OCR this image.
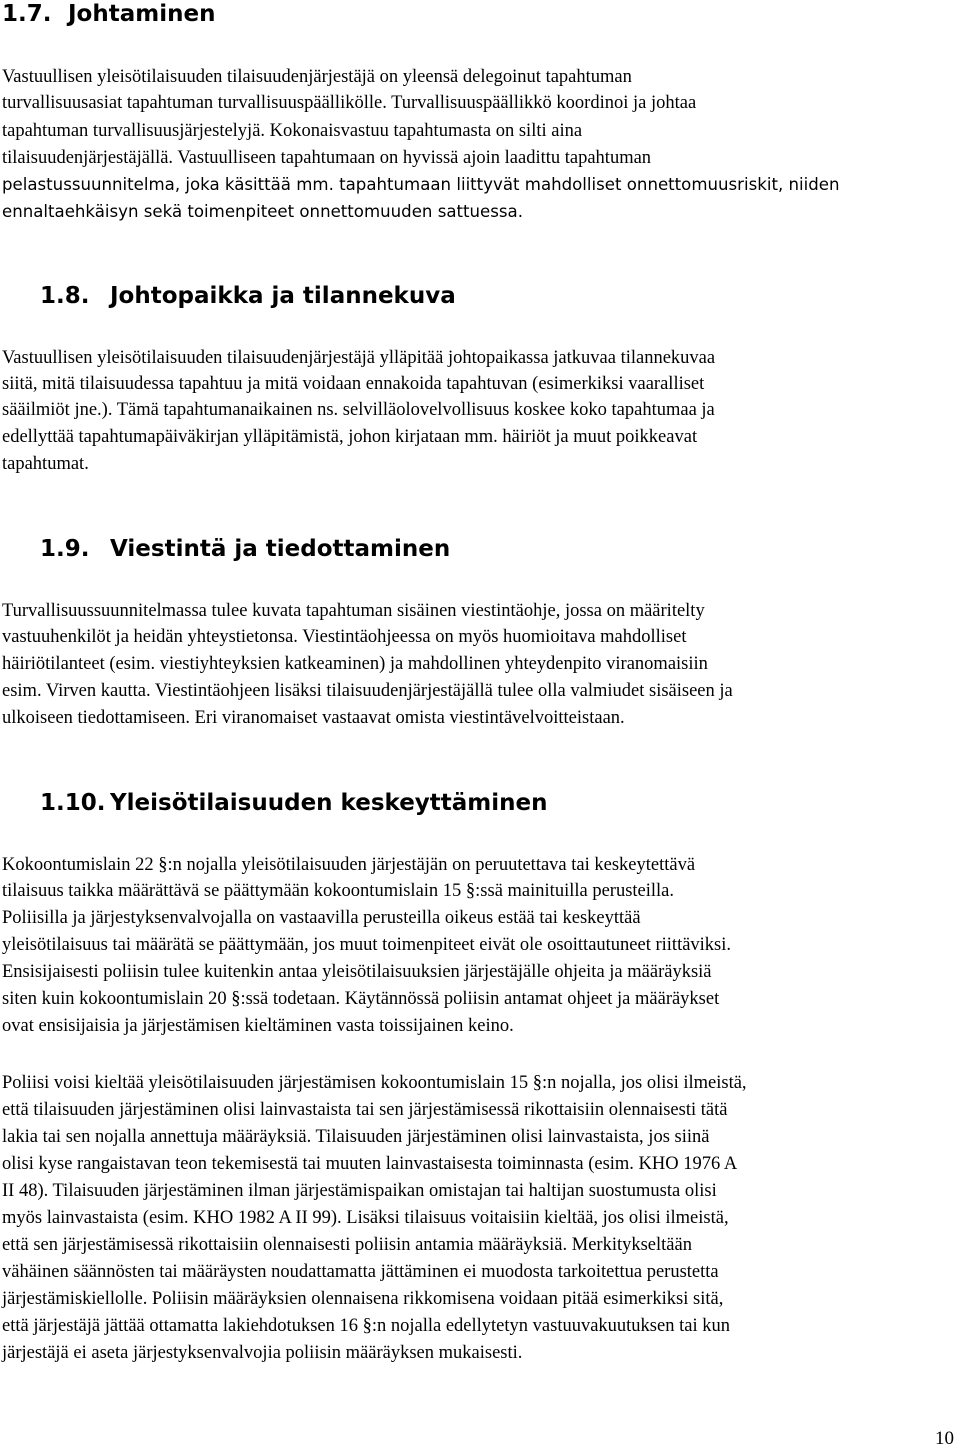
1.7. Johtaminen
Vastuullisen yleisötilaisuuden tilaisuudenjärjestäjä on yleensä delegoinut tapahtuman
turvallisuusasiat tapahtuman turvallisuuspäällikölle. Turvallisuuspäällikkö koordinoi ja johtaa
tapahtuman turvallisuusjärjestelyjä. Kokonaisvastuu tapahtumasta on silti aina
tilaisuudenjärjestäjällä. Vastuulliseen tapahtumaan on hyvissä ajoin laadittu tapahtuman
pelastussuunnitelma, joka käsittää mm. tapahtumaan liittyvät mahdolliset onnettomuusriskit, niiden
ennaltaehkäisyn sekä toimenpiteet onnettomuuden sattuessa.
1.8. Johtopaikka ja tilannekuva
Vastuullisen yleisötilaisuuden tilaisuudenjärjestäjä ylläpitää johtopaikassa jatkuvaa tilannekuvaa
siitä, mitä tilaisuudessa tapahtuu ja mitä voidaan ennakoida tapahtuvan (esimerkiksi vaaralliset
sääilmiöt jne.). Tämä tapahtumanaikainen ns. selvilläolovelvollisuus koskee koko tapahtumaa ja
edellyttää tapahtumapäiväkirjan ylläpitämistä, johon kirjataan mm. häiriöt ja muut poikkeavat
tapahtumat.
1.9. Viestintä ja tiedottaminen
Turvallisuussuunnitelmassa tulee kuvata tapahtuman sisäinen viestintäohje, jossa on määritelty
vastuuhenkilöt ja heidän yhteystietonsa. Viestintäohjeessa on myös huomioitava mahdolliset
häiriötilanteet (esim. viestiyhteyksien katkeaminen) ja mahdollinen yhteydenpito viranomaisiin
esim. Virven kautta. Viestintäohjeen lisäksi tilaisuudenjärjestäjällä tulee olla valmiudet sisäiseen ja
ulkoiseen tiedottamiseen. Eri viranomaiset vastaavat omista viestintävelvoitteistaan.
1.10. Yleisötilaisuuden keskeyttäminen
Kokoontumislain 22 §:n nojalla yleisötilaisuuden järjestäjän on peruutettava tai keskeytettävä
tilaisuus taikka määrättävä se päättymään kokoontumislain 15 §:ssä mainituilla perusteilla.
Poliisilla ja järjestyksenvalvojalla on vastaavilla perusteilla oikeus estää tai keskeyttää
yleisötilaisuus tai määrätä se päättymään, jos muut toimenpiteet eivät ole osoittautuneet riittäviksi.
Ensisijaisesti poliisin tulee kuitenkin antaa yleisötilaisuuksien järjestäjälle ohjeita ja määräyksiä
siten kuin kokoontumislain 20 §:ssä todetaan. Käytännössä poliisin antamat ohjeet ja määräykset
ovat ensisijaisia ja järjestämisen kieltäminen vasta toissijainen keino.
Poliisi voisi kieltää yleisötilaisuuden järjestämisen kokoontumislain 15 §:n nojalla, jos olisi ilmeistä,
että tilaisuuden järjestäminen olisi lainvastaista tai sen järjestämisessä rikottaisiin olennaisesti tätä
lakia tai sen nojalla annettuja määräyksiä. Tilaisuuden järjestäminen olisi lainvastaista, jos siinä
olisi kyse rangaistavan teon tekemisestä tai muuten lainvastaisesta toiminnasta (esim. KHO 1976 A
II 48). Tilaisuuden järjestäminen ilman järjestämispaikan omistajan tai haltijan suostumusta olisi
myös lainvastaista (esim. KHO 1982 A II 99). Lisäksi tilaisuus voitaisiin kieltää, jos olisi ilmeistä,
että sen järjestämisessä rikottaisiin olennaisesti poliisin antamia määräyksiä. Merkitykseltään
vähäinen säännösten tai määräysten noudattamatta jättäminen ei muodosta tarkoitettua perustetta
järjestämiskiellolle. Poliisin määräyksien olennaisena rikkomisena voidaan pitää esimerkiksi sitä,
että järjestäjä jättää ottamatta lakiehdotuksen 16 §:n nojalla edellytetyn vastuuvakuutuksen tai kun
järjestäjä ei aseta järjestyksenvalvojia poliisin määräyksen mukaisesti.
10
